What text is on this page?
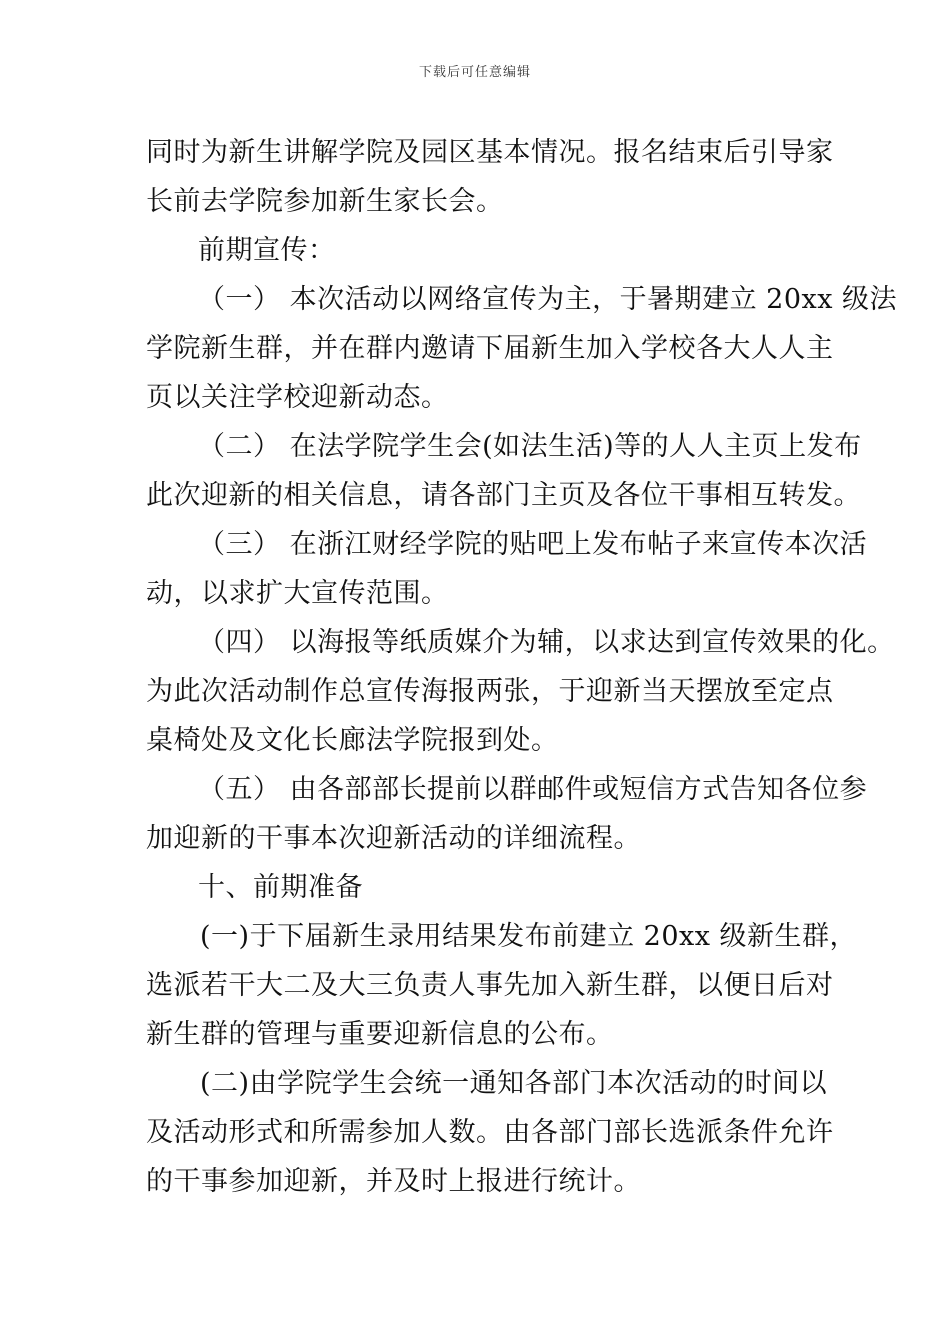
下载后可任意编辑
同时为新生讲解学院及园区基本情况。报名结束后引导家
长前去学院参加新生家长会。
前期宣传：
（一） 本次活动以网络宣传为主，于暑期建立 20xx 级法
学院新生群，并在群内邀请下届新生加入学校各大人人主
页以关注学校迎新动态。
（二） 在法学院学生会(如法生活)等的人人主页上发布
此次迎新的相关信息，请各部门主页及各位干事相互转发。
（三） 在浙江财经学院的贴吧上发布帖子来宣传本次活
动，以求扩大宣传范围。
（四） 以海报等纸质媒介为辅，以求达到宣传效果的化。
为此次活动制作总宣传海报两张，于迎新当天摆放至定点
桌椅处及文化长廊法学院报到处。
（五） 由各部部长提前以群邮件或短信方式告知各位参
加迎新的干事本次迎新活动的详细流程。
十、前期准备
(一)于下届新生录用结果发布前建立 20xx 级新生群，
选派若干大二及大三负责人事先加入新生群，以便日后对
新生群的管理与重要迎新信息的公布。
(二)由学院学生会统一通知各部门本次活动的时间以
及活动形式和所需参加人数。由各部门部长选派条件允许
的干事参加迎新，并及时上报进行统计。
